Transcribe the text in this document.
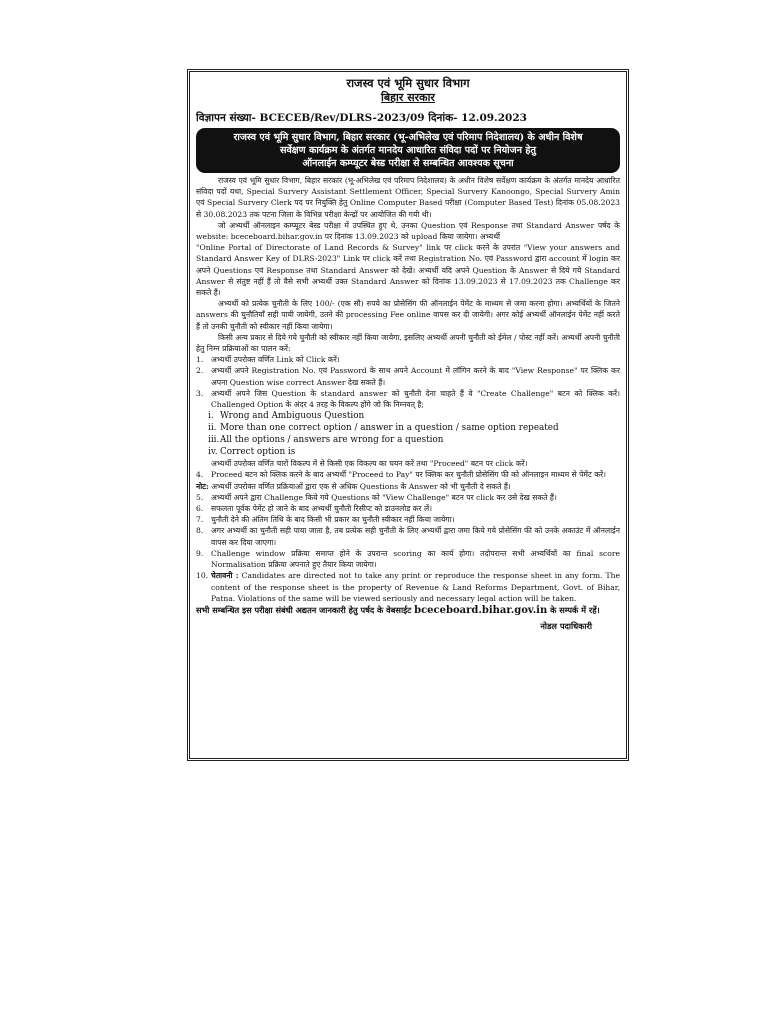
राजस्व एवं भूमि सुधार विभाग
बिहार सरकार
विज्ञापन संख्या- BCECEB/Rev/DLRS-2023/09 दिनांक- 12.09.2023
राजस्व एवं भूमि सुधार विभाग, बिहार सरकार (भू-अभिलेख एवं परिमाप निदेशालय) के अधीन विशेष
सर्वेक्षण कार्यक्रम के अंतर्गत मानदेय आधारित संविदा पदों पर नियोजन हेतु
ऑनलाईन कम्प्यूटर बेस्ड परीक्षा से सम्बन्धित आवश्यक सूचना

राजस्व एवं भूमि सुधार विभाग, बिहार सरकार (भू-अभिलेख एवं परिमाप निदेशालय) के अधीन विशेष सर्वेक्षण कार्यक्रम के अंतर्गत मानदेय आधारित संविदा पदों यथा, Special Survery Assistant Settlement Officer, Special Survery Kanoongo, Special Survery Amin एवं Special Survery Clerk पद पर नियुक्ति हेतु Online Computer Based परीक्षा (Computer Based Test) दिनांक 05.08.2023 से 30.08.2023 तक पटना जिला के विभिन्न परीक्षा केन्द्रों पर आयोजित की गयी थी।

जो अभ्यर्थी ऑनलाइन कम्प्यूटर बेस्ड परीक्षा में उपस्थित हुए थे, उनका Question एवं Response तथा Standard Answer पर्षद के website: bceceboard.bihar.gov.in पर दिनांक 13.09.2023 को upload किया जायेगा। अभ्यर्थी

"Online Portal of Directorate of Land Records & Survey" link पर click करने के उपरांत "View your answers and Standard Answer Key of DLRS-2023" Link पर click करें तथा Registration No. एवं Password द्वारा account में login कर अपने Questions एवं Response तथा Standard Answer को देखें। अभ्यर्थी यदि अपने Question के Answer से दिये गये Standard Answer से संतुष्ट नहीं हैं तो वैसे सभी अभ्यर्थी उक्त Standard Answer को दिनांक 13.09.2023 से 17.09.2023 तक Challenge कर सकते हैं।

अभ्यर्थी को प्रत्येक चुनौती के लिए 100/- (एक सौ) रुपये का प्रोसेसिंग फी ऑनलाईन पेमेंट के माध्यम से जमा करना होगा। अभ्यर्थियों के जितने answers की चुनौतियाँ सही पायी जायेगी, उतने की processing Fee online वापस कर दी जायेगी। अगर कोई अभ्यर्थी ऑनलाईन पेमेंट नहीं करते हैं तो उनकी चुनौती को स्वीकार नहीं किया जायेगा।

किसी अन्य प्रकार से दिये गये चुनौती को स्वीकार नहीं किया जायेगा, इसलिए अभ्यर्थी अपनी चुनौती को ईमेल / पोस्ट नहीं करें। अभ्यर्थी अपनी चुनौती हेतु निम्न प्रक्रियाओं का पालन करें:

1. अभ्यर्थी उपरोक्त वर्णित Link को Click करें।
2. अभ्यर्थी अपने Registration No. एवं Password के साथ अपने Account में लॉगिन करने के बाद "View Response" पर क्लिक कर अपना Question wise correct Answer देख सकते हैं।
3. अभ्यर्थी अपने जिस Question के standard answer को चुनौती देना चाहते हैं वे "Create Challenge" बटन को क्लिक करें। Challenged Option के अंदर 4 तरह के विकल्प होंगे जो कि निम्नवत् है;
i. Wrong and Ambiguous Question
ii. More than one correct option / answer in a question / same option repeated
iii. All the options / answers are wrong for a question
iv. Correct option is

अभ्यर्थी उपरोक्त वर्णित चारों विकल्प में से किसी एक विकल्प का चयन करें तथा "Proceed" बटन पर click करें।

4. Proceed बटन को क्लिक करने के बाद अभ्यर्थी "Proceed to Pay" पर क्लिक कर चुनौती प्रोसेसिंग फी को ऑनलाइन माध्यम से पेमेंट करें।

नोट: अभ्यर्थी उपरोक्त वर्णित प्रक्रियाओं द्वारा एक से अधिक Questions के Answer को भी चुनौती दे सकते हैं।

5. अभ्यर्थी अपने द्वारा Challenge किये गये Questions को "View Challenge" बटन पर click कर उसे देख सकते हैं।
6. सफलता पूर्वक पेमेंट हो जाने के बाद अभ्यर्थी चुनौती रिसीप्ट को डाउनलोड कर लें।
7. चुनौती देने की अंतिम तिथि के बाद किसी भी प्रकार का चुनौती स्वीकार नहीं किया जायेगा।
8. अगर अभ्यर्थी का चुनौती सही पाया जाता है, तब प्रत्येक सही चुनौती के लिए अभ्यर्थी द्वारा जमा किये गये प्रोसेसिंग फी को उनके अकाउंट में ऑनलाईन वापस कर दिया जाएगा।
9. Challenge window प्रक्रिया समाप्त होने के उपरान्त scoring का कार्य होगा। तदोपरान्त सभी अभ्यर्थियों का final score Normalisation प्रक्रिया अपनाते हुए तैयार किया जायेगा।
10. चेतावनी : Candidates are directed not to take any print or reproduce the response sheet in any form. The content of the response sheet is the property of Revenue & Land Reforms Department, Govt. of Bihar, Patna. Violations of the same will be viewed seriously and necessary legal action will be taken.

सभी सम्बन्धित इस परीक्षा संबंधी अद्यतन जानकारी हेतु पर्षद के वेबसाईट bceceboard.bihar.gov.in के सम्पर्क में रहें।

नोडल पदाधिकारी
